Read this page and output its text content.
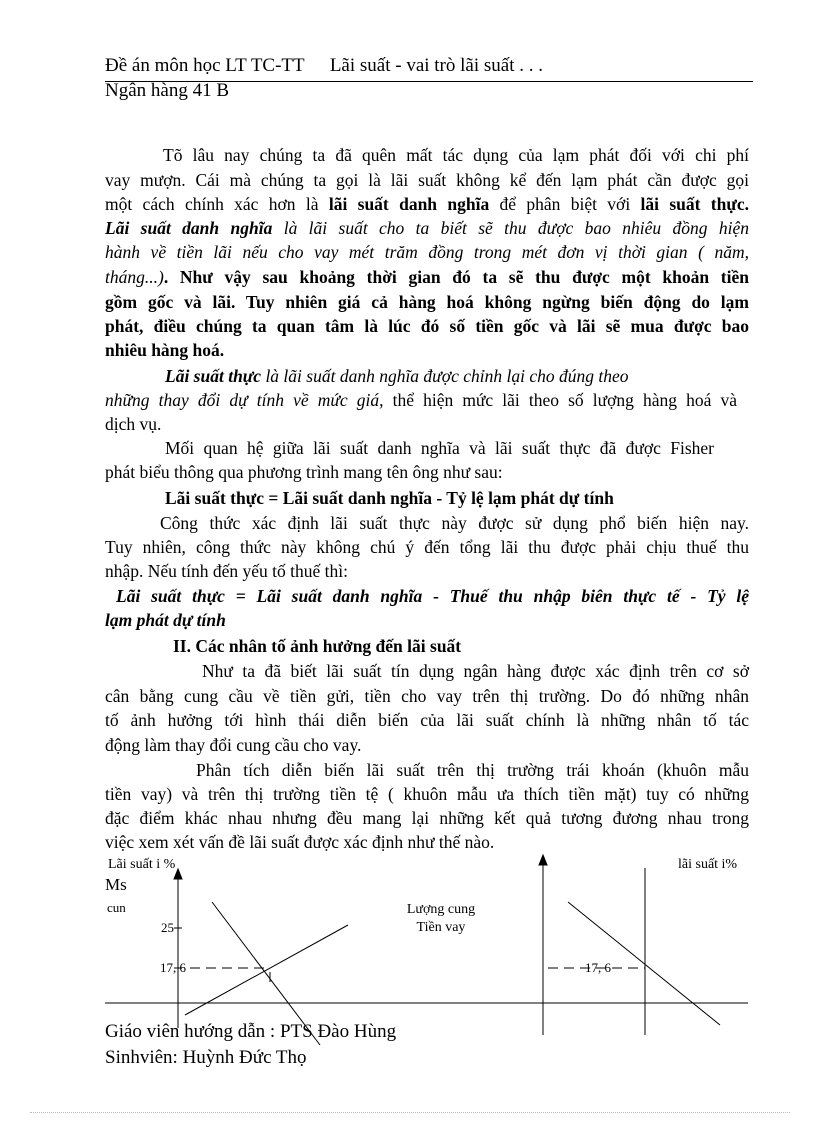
Đề án môn học LT TC-TT Lãi suất - vai trò lãi suất . . .
Ngân hàng 41 B
Tõ lâu nay chúng ta đã quên mất tác dụng của lạm phát đối với chi phí
vay mượn. Cái mà chúng ta gọi là lãi suất không kể đến lạm phát cần được gọi
một cách chính xác hơn là lãi suất danh nghĩa để phân biệt với lãi suất thực.
Lãi suất danh nghĩa là lãi suất cho ta biết sẽ thu được bao nhiêu đồng hiện
hành về tiền lãi nếu cho vay mét trăm đồng trong mét đơn vị thời gian ( năm,
tháng...). Như vậy sau khoảng thời gian đó ta sẽ thu được một khoản tiền
gồm gốc và lãi. Tuy nhiên giá cả hàng hoá không ngừng biến động do lạm
phát, điều chúng ta quan tâm là lúc đó số tiền gốc và lãi sẽ mua được bao
nhiêu hàng hoá.
Lãi suất thực là lãi suất danh nghĩa được chỉnh lại cho đúng theo
những thay đổi dự tính về mức giá, thể hiện mức lãi theo số lượng hàng hoá và
dịch vụ.
Mối quan hệ giữa lãi suất danh nghĩa và lãi suất thực đã được Fisher
phát biểu thông qua phương trình mang tên ông như sau:
Lãi suất thực = Lãi suất danh nghĩa - Tỷ lệ lạm phát dự tính
Công thức xác định lãi suất thực này được sử dụng phổ biến hiện nay.
Tuy nhiên, công thức này không chú ý đến tổng lãi thu được phải chịu thuế thu
nhập. Nếu tính đến yếu tố thuế thì:
Lãi suất thực = Lãi suất danh nghĩa - Thuế thu nhập biên thực tế - Tỷ lệ
lạm phát dự tính
II. Các nhân tố ảnh hưởng đến lãi suất
Như ta đã biết lãi suất tín dụng ngân hàng được xác định trên cơ sở
cân bằng cung cầu về tiền gửi, tiền cho vay trên thị trường. Do đó những nhân
tố ảnh hưởng tới hình thái diễn biến của lãi suất chính là những nhân tố tác
động làm thay đổi cung cầu cho vay.
Phân tích diễn biến lãi suất trên thị trường trái khoán (khuôn mẫu
tiền vay) và trên thị trường tiền tệ ( khuôn mẫu ưa thích tiền mặt) tuy có những
đặc điểm khác nhau nhưng đều mang lại những kết quả tương đương nhau trong
việc xem xét vấn đề lãi suất được xác định như thế nào.
Lãi suất i %
Ms
cun
25
17, 6
Lượng cung
Tiền vay
lãi suất i%
17, 6
Giáo viên hướng dẫn : PTS Đào Hùng
Sinhviên: Huỳnh Đức Thọ
